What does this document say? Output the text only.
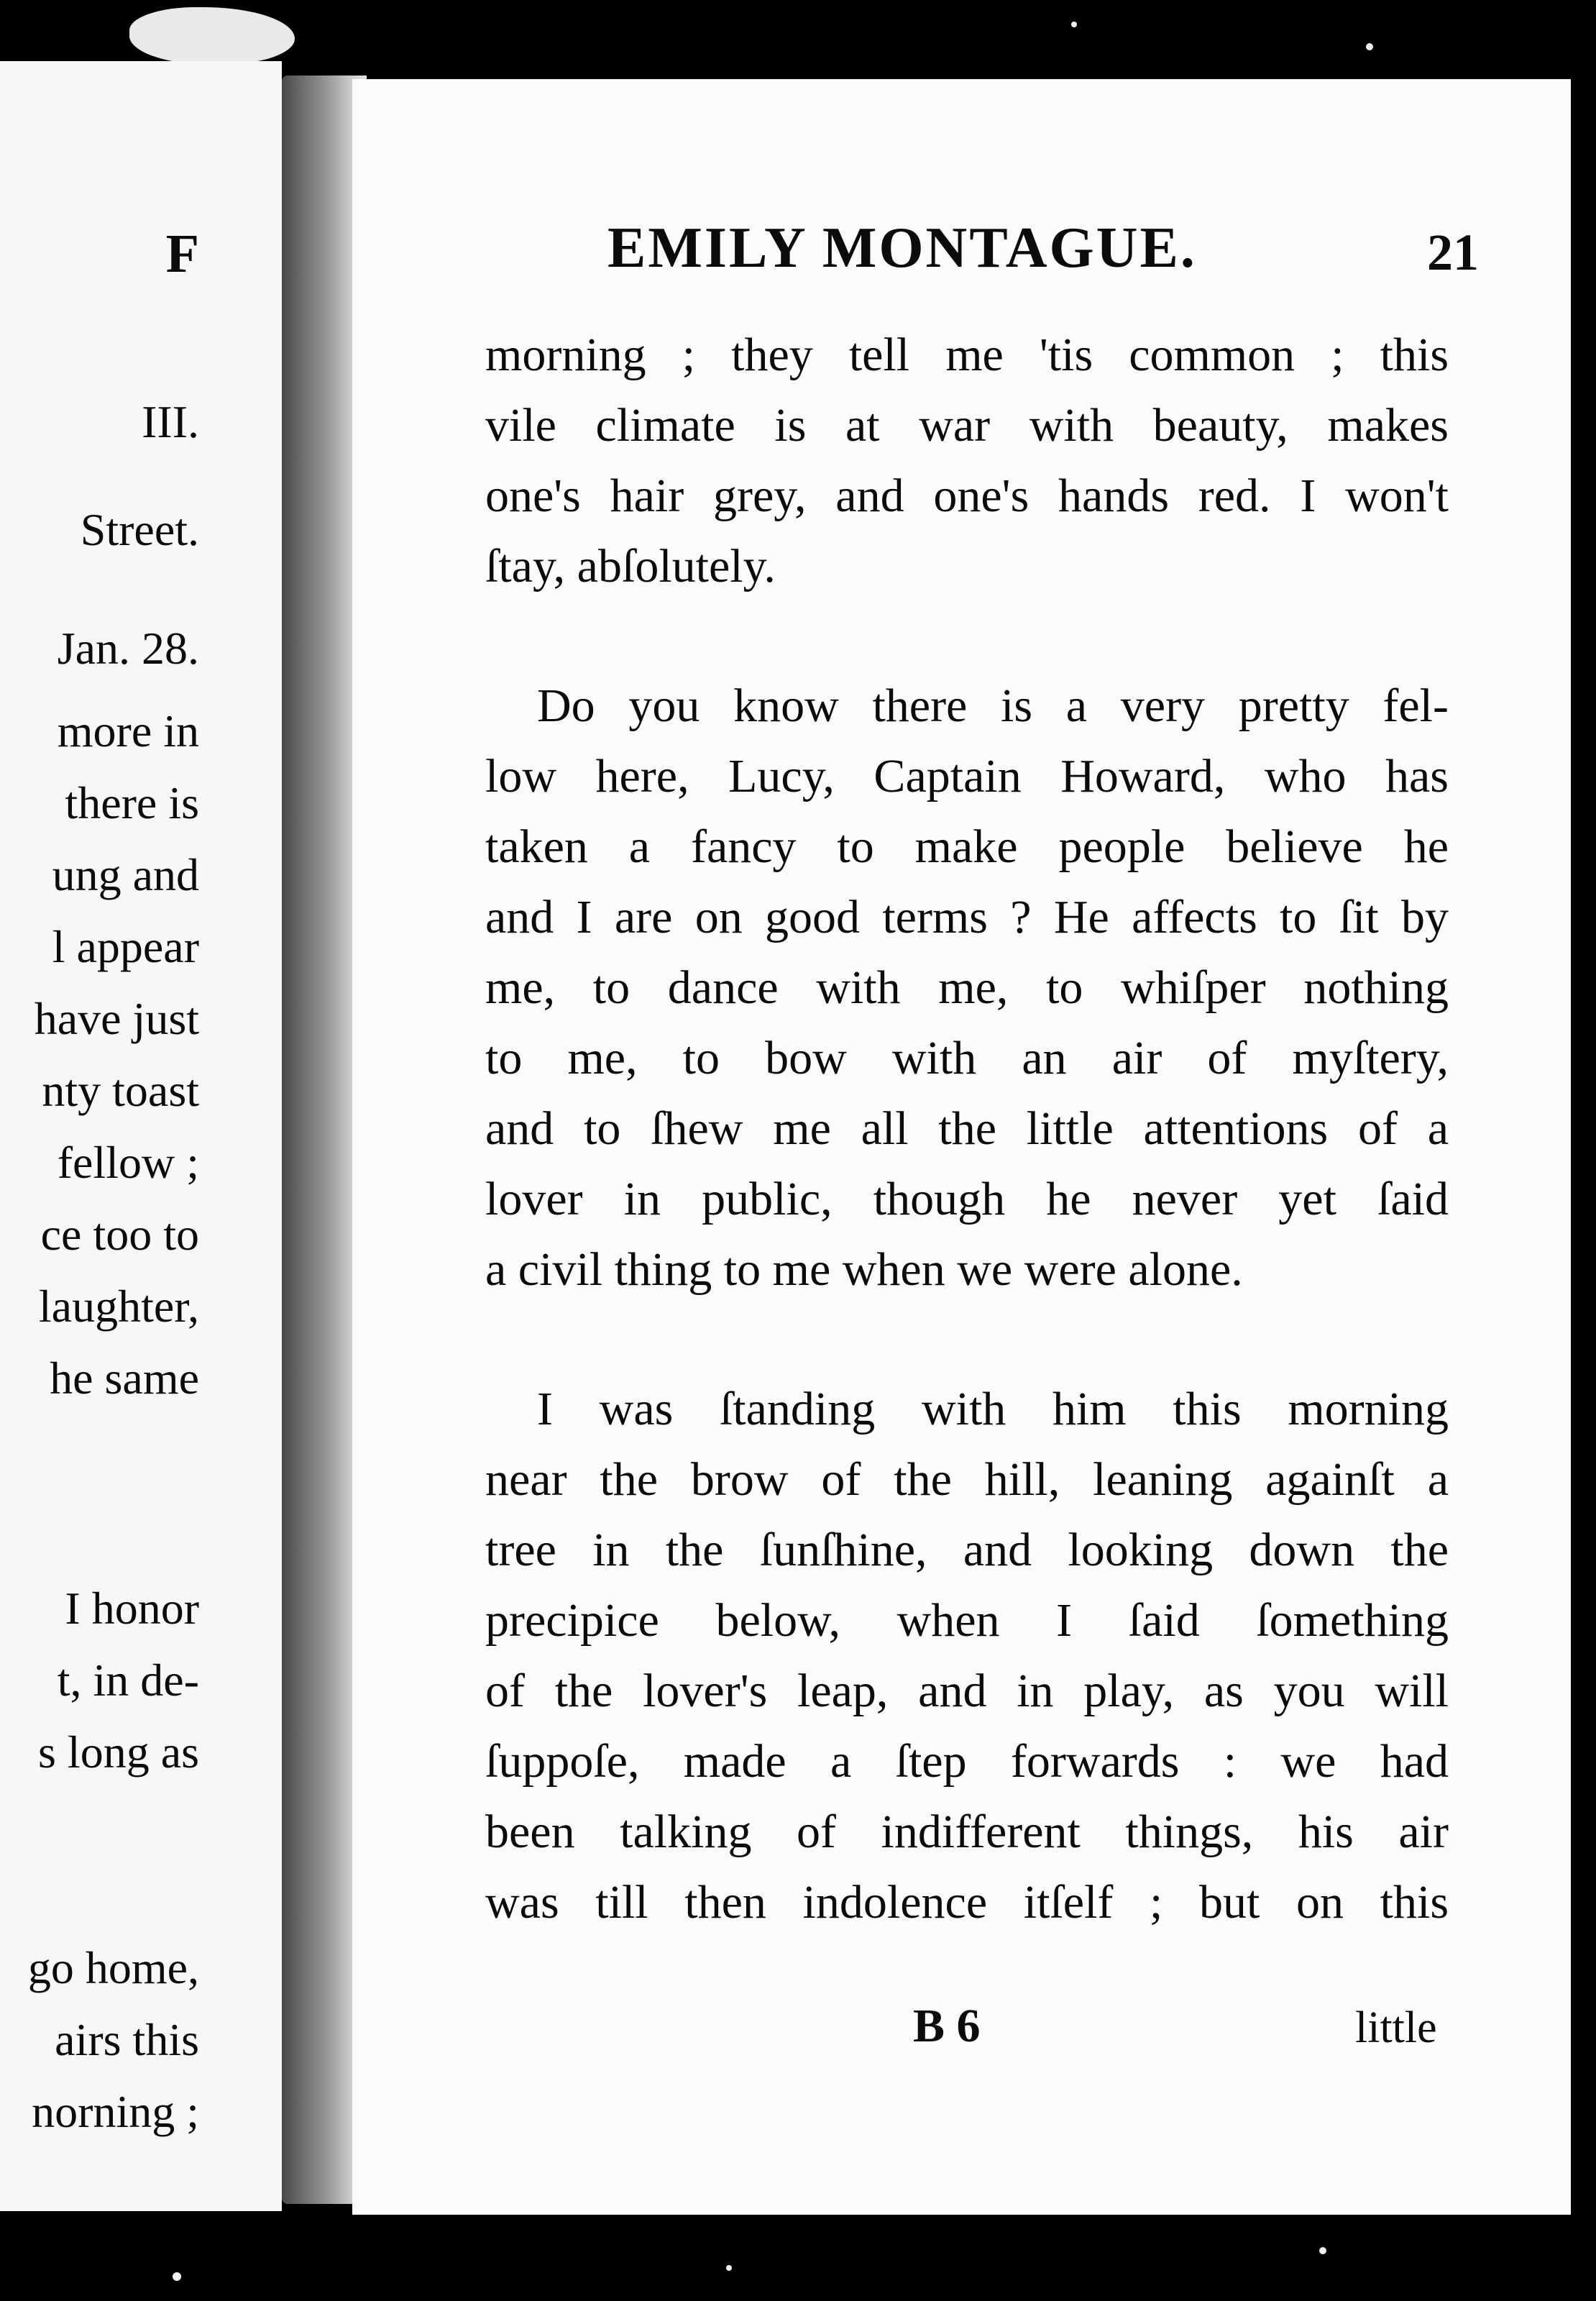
F
III.
Street.
Jan. 28.
more in
there is
ung and
l appear
have just
nty toast
fellow ;
ce too to
laughter,
he same
I honor
t, in de-
s long as
go home,
airs this
norning ;
EMILY MONTAGUE.	21
morning ; they tell me 'tis common ; this
vile climate is at war with beauty, makes
one's hair grey, and one's hands red. I won't
ſtay, abſolutely.
Do you know there is a very pretty fel-
low here, Lucy, Captain Howard, who has
taken a fancy to make people believe he
and I are on good terms ? He affects to ſit by
me, to dance with me, to whiſper nothing
to me, to bow with an air of myſtery,
and to ſhew me all the little attentions of a
lover in public, though he never yet ſaid
a civil thing to me when we were alone.
I was ſtanding with him this morning
near the brow of the hill, leaning againſt a
tree in the ſunſhine, and looking down the
precipice below, when I ſaid ſomething
of the lover's leap, and in play, as you will
ſuppoſe, made a ſtep forwards : we had
been talking of indifferent things, his air
was till then indolence itſelf ; but on this
B 6	little
